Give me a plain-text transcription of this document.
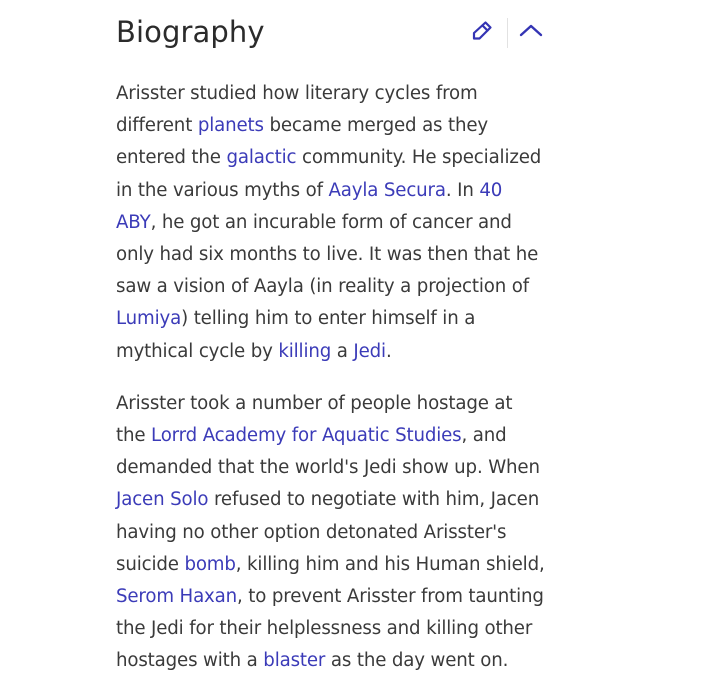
Biography

Arisster studied how literary cycles from different planets became merged as they entered the galactic community. He specialized in the various myths of Aayla Secura. In 40 ABY, he got an incurable form of cancer and only had six months to live. It was then that he saw a vision of Aayla (in reality a projection of Lumiya) telling him to enter himself in a mythical cycle by killing a Jedi.

Arisster took a number of people hostage at the Lorrd Academy for Aquatic Studies, and demanded that the world's Jedi show up. When Jacen Solo refused to negotiate with him, Jacen having no other option detonated Arisster's suicide bomb, killing him and his Human shield, Serom Haxan, to prevent Arisster from taunting the Jedi for their helplessness and killing other hostages with a blaster as the day went on.
